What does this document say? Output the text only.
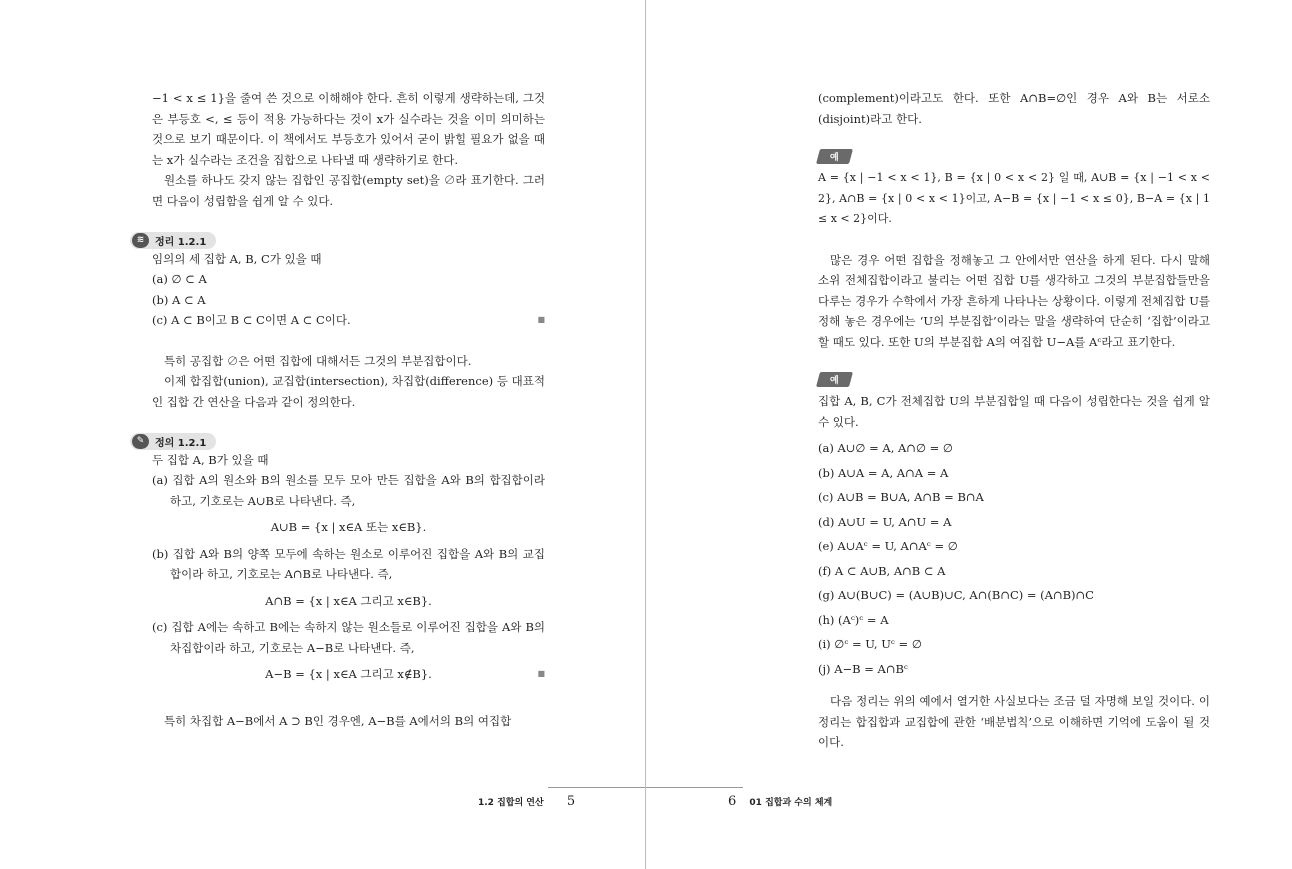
−1 < x ≤ 1}을 줄여 쓴 것으로 이해해야 한다. 흔히 이렇게 생략하는데, 그것은 부등호 <, ≤ 등이 적용 가능하다는 것이 x가 실수라는 것을 이미 의미하는 것으로 보기 때문이다. 이 책에서도 부등호가 있어서 굳이 밝힐 필요가 없을 때는 x가 실수라는 조건을 집합으로 나타낼 때 생략하기로 한다.

원소를 하나도 갖지 않는 집합인 공집합(empty set)을 ∅라 표기한다. 그러면 다음이 성립함을 쉽게 알 수 있다.

≋	정리 1.2.1

임의의 세 집합 A, B, C가 있을 때

(a) ∅ ⊂ A

(b) A ⊂ A

(c) A ⊂ B이고 B ⊂ C이면 A ⊂ C이다.	■

특히 공집합 ∅은 어떤 집합에 대해서든 그것의 부분집합이다.

이제 합집합(union), 교집합(intersection), 차집합(difference) 등 대표적인 집합 간 연산을 다음과 같이 정의한다.

✎	정의 1.2.1

두 집합 A, B가 있을 때

(a) 집합 A의 원소와 B의 원소를 모두 모아 만든 집합을 A와 B의 합집합이라 하고, 기호로는 A∪B로 나타낸다. 즉,

A∪B = {x | x∈A 또는 x∈B}.

(b) 집합 A와 B의 양쪽 모두에 속하는 원소로 이루어진 집합을 A와 B의 교집합이라 하고, 기호로는 A∩B로 나타낸다. 즉,

A∩B = {x | x∈A 그리고 x∈B}.

(c) 집합 A에는 속하고 B에는 속하지 않는 원소들로 이루어진 집합을 A와 B의 차집합이라 하고, 기호로는 A−B로 나타낸다. 즉,

A−B = {x | x∈A 그리고 x∉B}.	■

특히 차집합 A−B에서 A ⊃ B인 경우엔, A−B를 A에서의 B의 여집합

1.2 집합의 연산 5

(complement)이라고도 한다. 또한 A∩B=∅인 경우 A와 B는 서로소(disjoint)라고 한다.

예

A = {x | −1 < x < 1}, B = {x | 0 < x < 2} 일 때, A∪B = {x | −1 < x < 2}, A∩B = {x | 0 < x < 1}이고, A−B = {x | −1 < x ≤ 0}, B−A = {x | 1 ≤ x < 2}이다.

많은 경우 어떤 집합을 정해놓고 그 안에서만 연산을 하게 된다. 다시 말해 소위 전체집합이라고 불리는 어떤 집합 U를 생각하고 그것의 부분집합들만을 다루는 경우가 수학에서 가장 흔하게 나타나는 상황이다. 이렇게 전체집합 U를 정해 놓은 경우에는 ‘U의 부분집합’이라는 말을 생략하여 단순히 ‘집합’이라고 할 때도 있다. 또한 U의 부분집합 A의 여집합 U−A를 Aᶜ라고 표기한다.

예

집합 A, B, C가 전체집합 U의 부분집합일 때 다음이 성립한다는 것을 쉽게 알 수 있다.

(a) A∪∅ = A, A∩∅ = ∅

(b) A∪A = A, A∩A = A

(c) A∪B = B∪A, A∩B = B∩A

(d) A∪U = U, A∩U = A

(e) A∪Aᶜ = U, A∩Aᶜ = ∅

(f) A ⊂ A∪B, A∩B ⊂ A

(g) A∪(B∪C) = (A∪B)∪C, A∩(B∩C) = (A∩B)∩C

(h) (Aᶜ)ᶜ = A

(i) ∅ᶜ = U, Uᶜ = ∅

(j) A−B = A∩Bᶜ

다음 정리는 위의 예에서 열거한 사실보다는 조금 덜 자명해 보일 것이다. 이 정리는 합집합과 교집합에 관한 ‘배분법칙’으로 이해하면 기억에 도움이 될 것이다.

6 01 집합과 수의 체계
